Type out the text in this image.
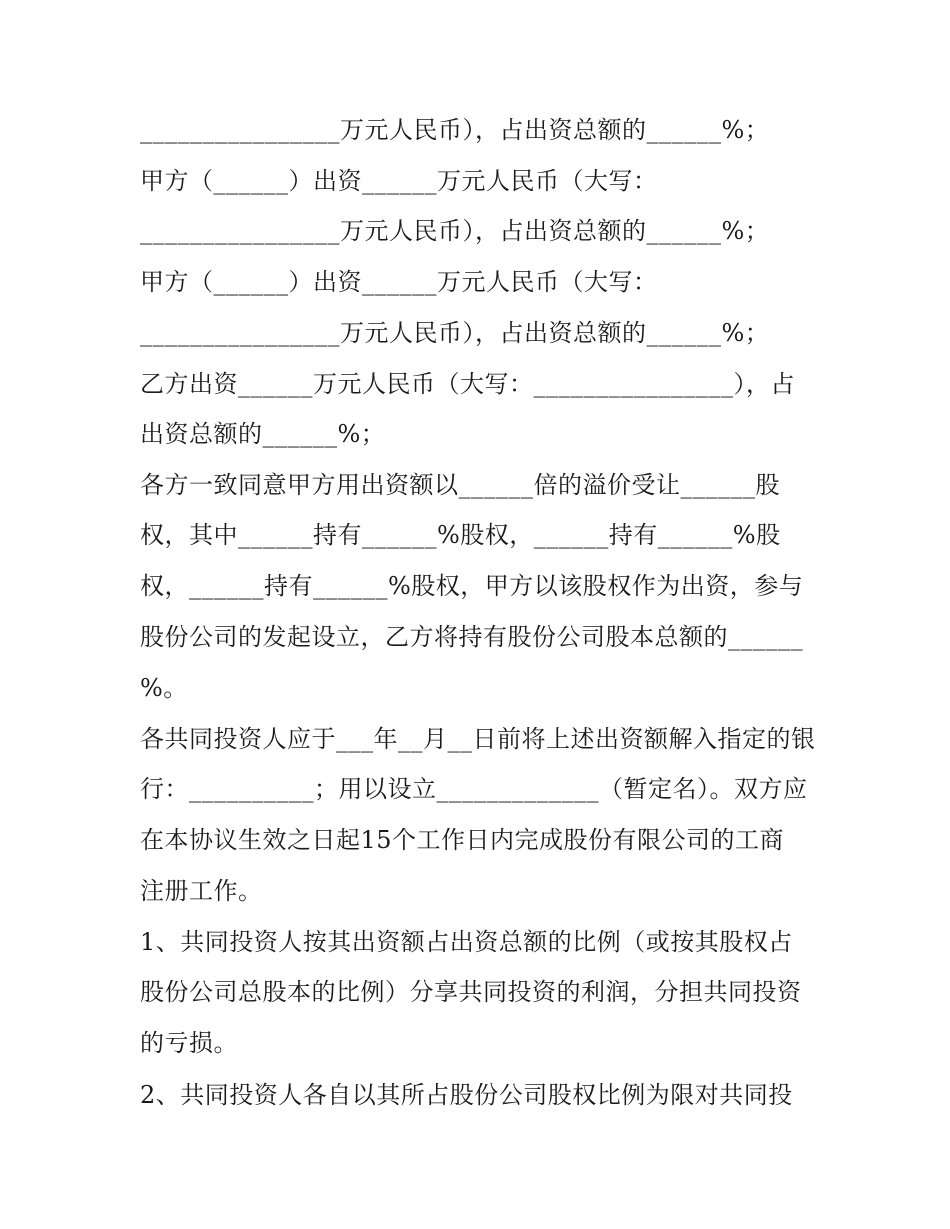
________________万元人民币），占出资总额的______%；
甲方（______）出资______万元人民币（大写：
________________万元人民币），占出资总额的______%；
甲方（______）出资______万元人民币（大写：
________________万元人民币），占出资总额的______%；
乙方出资______万元人民币（大写：________________），占
出资总额的______%；
各方一致同意甲方用出资额以______倍的溢价受让______股
权，其中______持有______%股权，______持有______%股
权，______持有______%股权，甲方以该股权作为出资，参与
股份公司的发起设立，乙方将持有股份公司股本总额的______
%。
各共同投资人应于___年__月__日前将上述出资额解入指定的银
行：__________；用以设立_____________（暂定名）。双方应
在本协议生效之日起15个工作日内完成股份有限公司的工商
注册工作。
1、共同投资人按其出资额占出资总额的比例（或按其股权占
股份公司总股本的比例）分享共同投资的利润，分担共同投资
的亏损。
2、共同投资人各自以其所占股份公司股权比例为限对共同投
